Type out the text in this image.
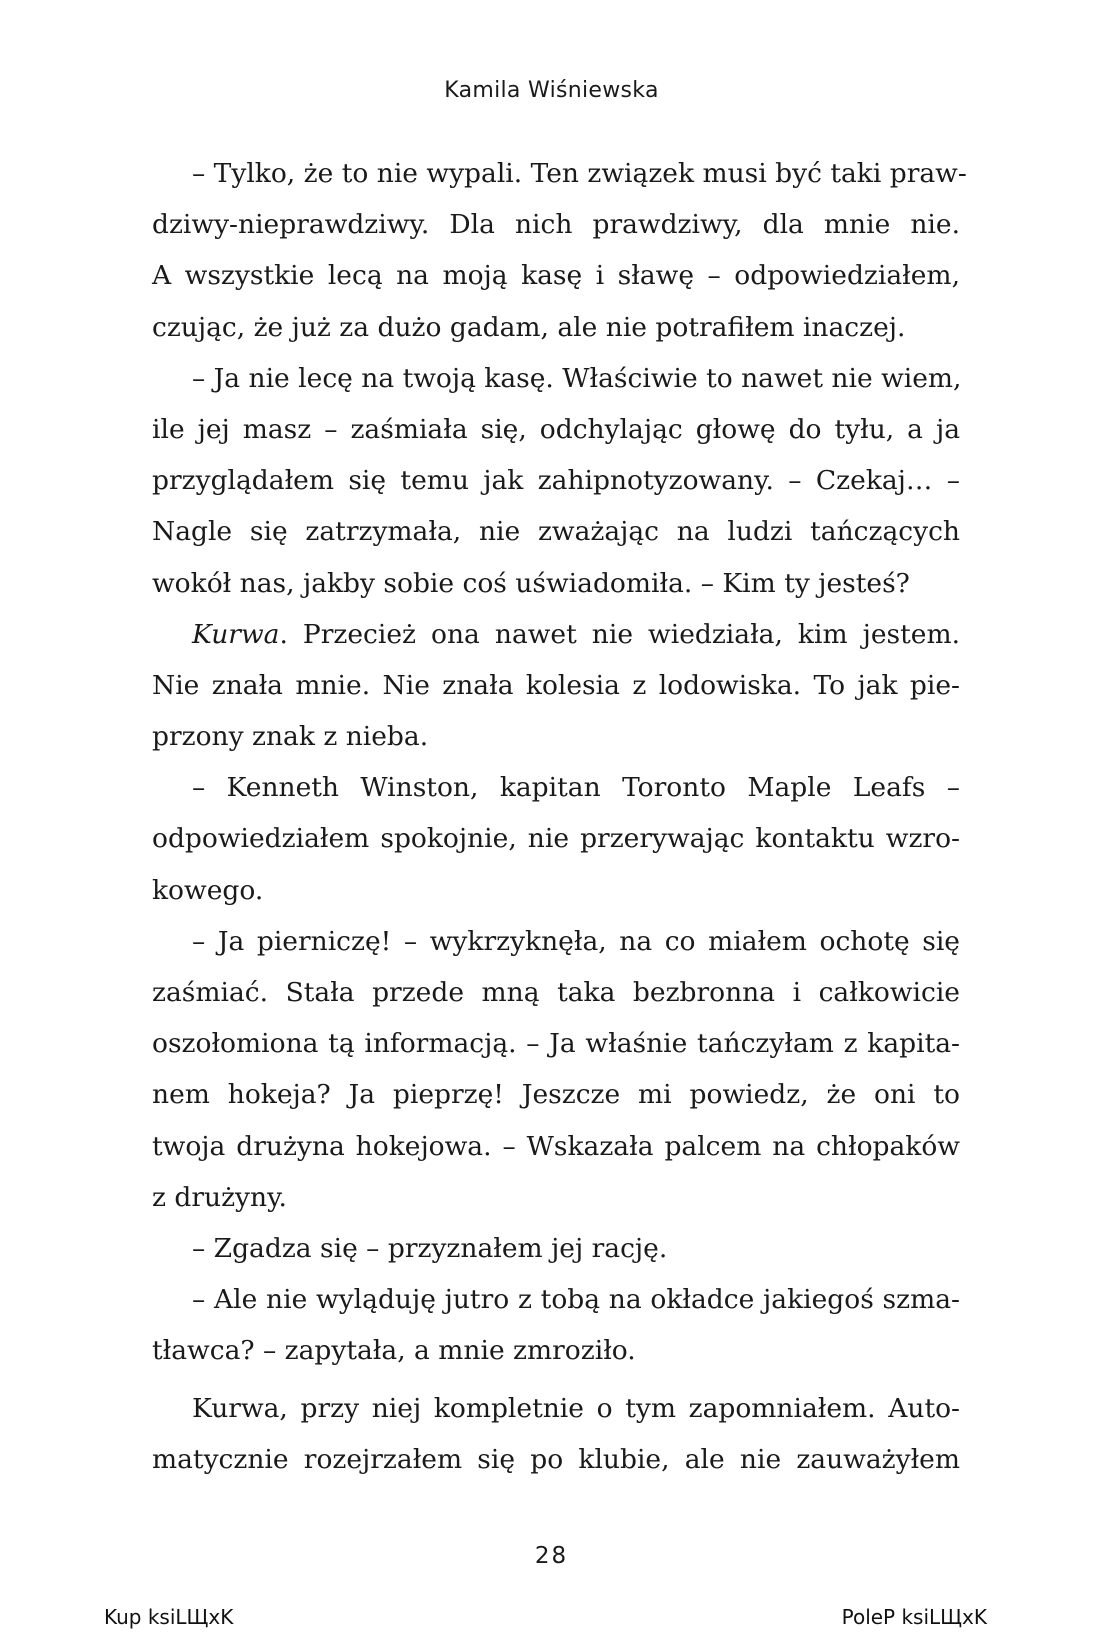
Kamila Wiśniewska
– Tylko, że to nie wypali. Ten związek musi być taki praw-
dziwy-nieprawdziwy. Dla nich prawdziwy, dla mnie nie.
A wszystkie lecą na moją kasę i sławę – odpowiedziałem,
czując, że już za dużo gadam, ale nie potrafiłem inaczej.
– Ja nie lecę na twoją kasę. Właściwie to nawet nie wiem,
ile jej masz – zaśmiała się, odchylając głowę do tyłu, a ja
przyglądałem się temu jak zahipnotyzowany. – Czekaj… –
Nagle się zatrzymała, nie zważając na ludzi tańczących
wokół nas, jakby sobie coś uświadomiła. – Kim ty jesteś?
Kurwa. Przecież ona nawet nie wiedziała, kim jestem.
Nie znała mnie. Nie znała kolesia z lodowiska. To jak pie-
przony znak z nieba.
– Kenneth Winston, kapitan Toronto Maple Leafs –
odpowiedziałem spokojnie, nie przerywając kontaktu wzro-
kowego.
– Ja pierniczę! – wykrzyknęła, na co miałem ochotę się
zaśmiać. Stała przede mną taka bezbronna i całkowicie
oszołomiona tą informacją. – Ja właśnie tańczyłam z kapita-
nem hokeja? Ja pieprzę! Jeszcze mi powiedz, że oni to
twoja drużyna hokejowa. – Wskazała palcem na chłopaków
z drużyny.
– Zgadza się – przyznałem jej rację.
– Ale nie wyląduję jutro z tobą na okładce jakiegoś szma-
tławca? – zapytała, a mnie zmroziło.
Kurwa, przy niej kompletnie o tym zapomniałem. Auto-
matycznie rozejrzałem się po klubie, ale nie zauważyłem
28
Kup ksiLЩxK	PoleP ksiLЩxK
